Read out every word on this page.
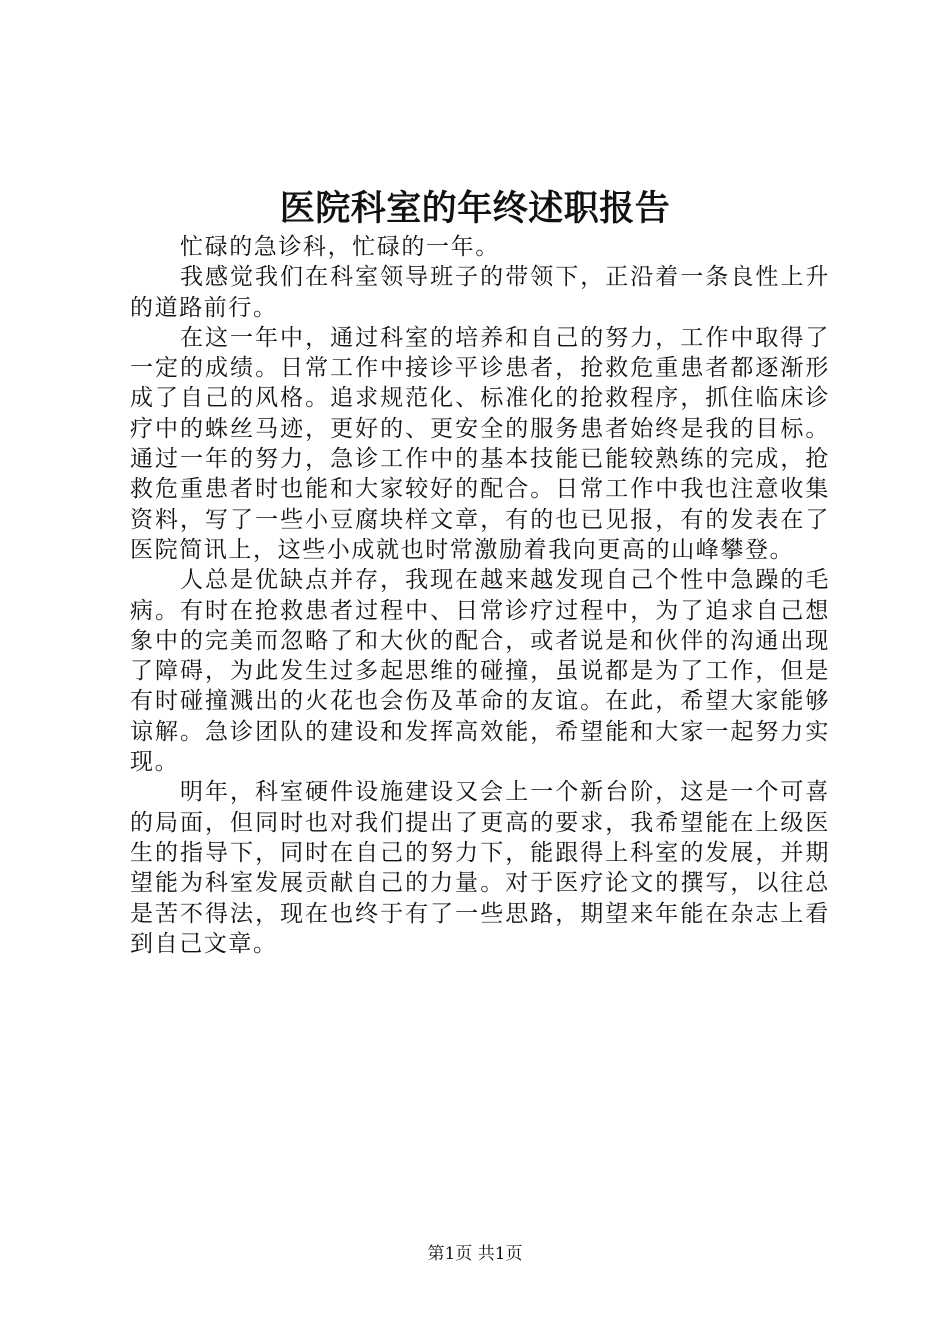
医院科室的年终述职报告

忙碌的急诊科，忙碌的一年。

我感觉我们在科室领导班子的带领下，正沿着一条良性上升的道路前行。

在这一年中，通过科室的培养和自己的努力，工作中取得了一定的成绩。日常工作中接诊平诊患者，抢救危重患者都逐渐形成了自己的风格。追求规范化、标准化的抢救程序，抓住临床诊疗中的蛛丝马迹，更好的、更安全的服务患者始终是我的目标。通过一年的努力，急诊工作中的基本技能已能较熟练的完成，抢救危重患者时也能和大家较好的配合。日常工作中我也注意收集资料，写了一些小豆腐块样文章，有的也已见报，有的发表在了医院简讯上，这些小成就也时常激励着我向更高的山峰攀登。

人总是优缺点并存，我现在越来越发现自己个性中急躁的毛病。有时在抢救患者过程中、日常诊疗过程中，为了追求自己想象中的完美而忽略了和大伙的配合，或者说是和伙伴的沟通出现了障碍，为此发生过多起思维的碰撞，虽说都是为了工作，但是有时碰撞溅出的火花也会伤及革命的友谊。在此，希望大家能够谅解。急诊团队的建设和发挥高效能，希望能和大家一起努力实现。

明年，科室硬件设施建设又会上一个新台阶，这是一个可喜的局面，但同时也对我们提出了更高的要求，我希望能在上级医生的指导下，同时在自己的努力下，能跟得上科室的发展，并期望能为科室发展贡献自己的力量。对于医疗论文的撰写，以往总是苦不得法，现在也终于有了一些思路，期望来年能在杂志上看到自己文章。

第1页 共1页
